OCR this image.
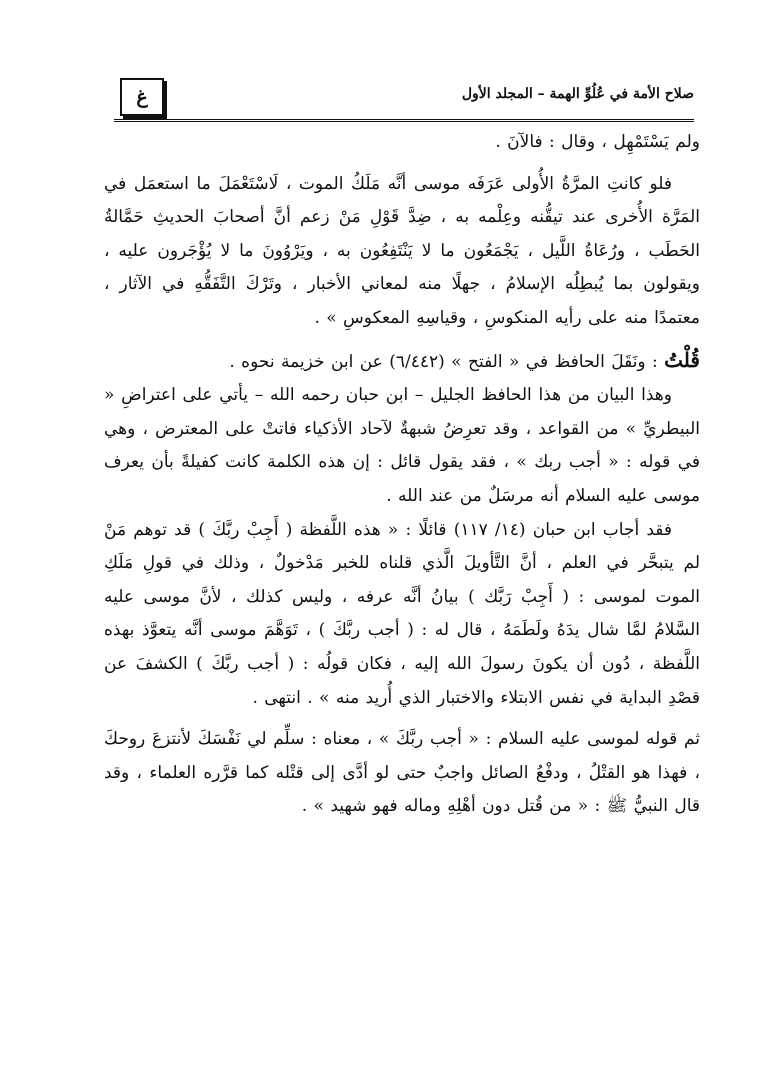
صلاح الأمة في عُلُوِّ الهمة – المجلد الأول
غ

ولم يَسْتَمْهِل ، وقال : فالآنَ .

فلو كانتِ المرَّةُ الأُولى عَرَفَه موسى أنَّه مَلَكُ الموت ، لَاسْتَعْمَلَ ما استعمَل في المَرَّة الأُخرى عند تيقُّنه وعِلْمه به ، ضِدَّ قَوْلِ مَنْ زعم أنَّ أصحابَ الحديثِ حَمَّالةُ الحَطَب ، ورُعَاةُ اللَّيل ، يَجْمَعُون ما لا يَنْتَفِعُون به ، ويَرْوُونَ ما لا يُؤْجَرون عليه ، ويقولون بما يُبطِلُه الإسلامُ ، جهلًا منه لمعاني الأخبار ، وتَرْكَ التَّفَقُّهِ في الآثار ، معتمدًا منه على رأيه المنكوسِ ، وقياسِهِ المعكوسِ » .

قُلْتُ : ونَقَلَ الحافظ في « الفتح » (٦/٤٤٢) عن ابن خزيمة نحوه .

وهذا البيان من هذا الحافظ الجليل – ابن حبان رحمه الله – يأتي على اعتراضِ « البيطريِّ » من القواعد ، وقد تعرِضُ شبهةٌ لآحاد الأذكياء فاتتْ على المعترض ، وهي في قوله : « أجب ربك » ، فقد يقول قائل : إن هذه الكلمة كانت كفيلةً بأن يعرف موسى عليه السلام أنه مرسَلٌ من عند الله .

فقد أجاب ابن حبان (١٤/ ١١٧) قائلًا : « هذه اللَّفظة ( أَجِبْ ربَّكَ ) قد توهم مَنْ لم يتبحَّر في العلم ، أنَّ التَّأويلَ الَّذي قلناه للخبر مَدْخولٌ ، وذلك في قولِ مَلَكِ الموت لموسى : ( أَجِبْ رَبَّك ) بيانُ أنَّه عرفه ، وليس كذلك ، لأنَّ موسى عليه السَّلامُ لمَّا شال يدَهُ ولَطَمَهُ ، قال له : ( أجب ربَّكَ ) ، تَوَهَّمَ موسى أنَّه يتعوَّذ بهذه اللَّفظة ، دُون أن يكونَ رسولَ الله إليه ، فكان قولُه : ( أجب ربَّكَ ) الكشفَ عن قصْدِ البداية في نفس الابتلاء والاختبار الذي أُريد منه » . انتهى .

ثم قوله لموسى عليه السلام : « أجب ربَّكَ » ، معناه : سلِّم لي نَفْسَكَ لأنتزعَ روحكَ ، فهذا هو القتْلُ ، ودفْعُ الصائل واجبٌ حتى لو أدَّى إلى قتْله كما قرَّره العلماء ، وقد قال النبيُّ ﷺ : « من قُتل دون أهْلِهِ وماله فهو شهيد » .
